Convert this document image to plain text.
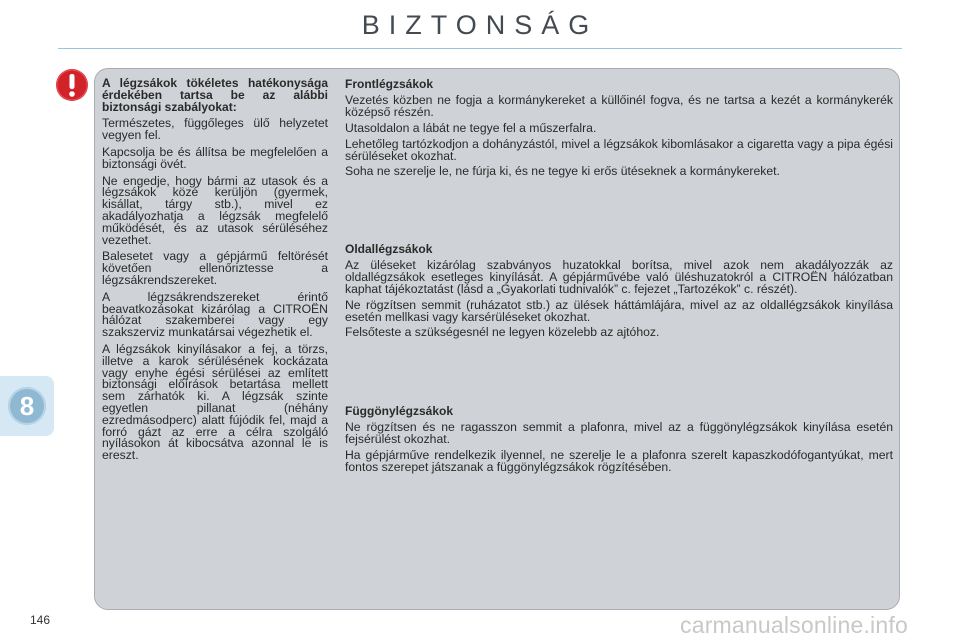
BIZTONSÁG

A légzsákok tökéletes hatékonysága érdekében tartsa be az alábbi biztonsági szabályokat:

Természetes, függőleges ülő helyzetet vegyen fel.

Kapcsolja be és állítsa be megfelelően a biztonsági övét.

Ne engedje, hogy bármi az utasok és a légzsákok közé kerüljön (gyermek, kisállat, tárgy stb.), mivel ez akadályozhatja a légzsák megfelelő működését, és az utasok sérüléséhez vezethet.

Balesetet vagy a gépjármű feltörését követően ellenőriztesse a légzsákrendszereket.

A légzsákrendszereket érintő beavatkozásokat kizárólag a CITROËN hálózat szakemberei vagy egy szakszerviz munkatársai végezhetik el.

A légzsákok kinyílásakor a fej, a törzs, illetve a karok sérülésének kockázata vagy enyhe égési sérülései az említett biztonsági előírások betartása mellett sem zárhatók ki. A légzsák szinte egyetlen pillanat (néhány ezredmásodperc) alatt fújódik fel, majd a forró gázt az erre a célra szolgáló nyílásokon át kibocsátva azonnal le is ereszt.

Frontlégzsákok

Vezetés közben ne fogja a kormánykereket a küllőinél fogva, és ne tartsa a kezét a kormánykerék középső részén.

Utasoldalon a lábát ne tegye fel a műszerfalra.

Lehetőleg tartózkodjon a dohányzástól, mivel a légzsákok kibomlásakor a cigaretta vagy a pipa égési sérüléseket okozhat.

Soha ne szerelje le, ne fúrja ki, és ne tegye ki erős ütéseknek a kormánykereket.

Oldallégzsákok

Az üléseket kizárólag szabványos huzatokkal borítsa, mivel azok nem akadályozzák az oldallégzsákok esetleges kinyílását. A gépjárművébe való üléshuzatokról a CITROËN hálózatban kaphat tájékoztatást (lásd a „Gyakorlati tudnivalók” c. fejezet „Tartozékok” c. részét).

Ne rögzítsen semmit (ruházatot stb.) az ülések háttámlájára, mivel az az oldallégzsákok kinyílása esetén mellkasi vagy karsérüléseket okozhat.

Felsőteste a szükségesnél ne legyen közelebb az ajtóhoz.

Függönylégzsákok

Ne rögzítsen és ne ragasszon semmit a plafonra, mivel az a függönylégzsákok kinyílása esetén fejsérülést okozhat.

Ha gépjárműve rendelkezik ilyennel, ne szerelje le a plafonra szerelt kapaszkodófogantyúkat, mert fontos szerepet játszanak a függönylégzsákok rögzítésében.

8
146	carmanualsonline.info
